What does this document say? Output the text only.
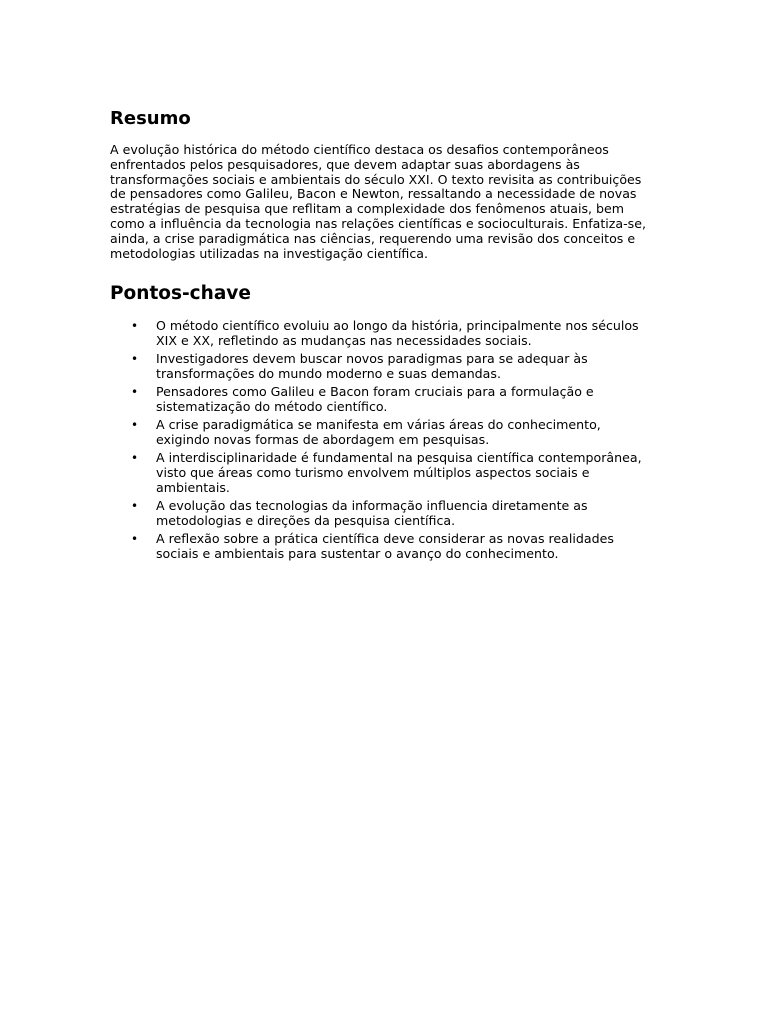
Resumo

A evolução histórica do método científico destaca os desafios contemporâneos enfrentados pelos pesquisadores, que devem adaptar suas abordagens às transformações sociais e ambientais do século XXI. O texto revisita as contribuições de pensadores como Galileu, Bacon e Newton, ressaltando a necessidade de novas estratégias de pesquisa que reflitam a complexidade dos fenômenos atuais, bem como a influência da tecnologia nas relações científicas e socioculturais. Enfatiza-se, ainda, a crise paradigmática nas ciências, requerendo uma revisão dos conceitos e metodologias utilizadas na investigação científica.

Pontos-chave
• O método científico evoluiu ao longo da história, principalmente nos séculos XIX e XX, refletindo as mudanças nas necessidades sociais.
• Investigadores devem buscar novos paradigmas para se adequar às transformações do mundo moderno e suas demandas.
• Pensadores como Galileu e Bacon foram cruciais para a formulação e sistematização do método científico.
• A crise paradigmática se manifesta em várias áreas do conhecimento, exigindo novas formas de abordagem em pesquisas.
• A interdisciplinaridade é fundamental na pesquisa científica contemporânea, visto que áreas como turismo envolvem múltiplos aspectos sociais e ambientais.
• A evolução das tecnologias da informação influencia diretamente as metodologias e direções da pesquisa científica.
• A reflexão sobre a prática científica deve considerar as novas realidades sociais e ambientais para sustentar o avanço do conhecimento.
